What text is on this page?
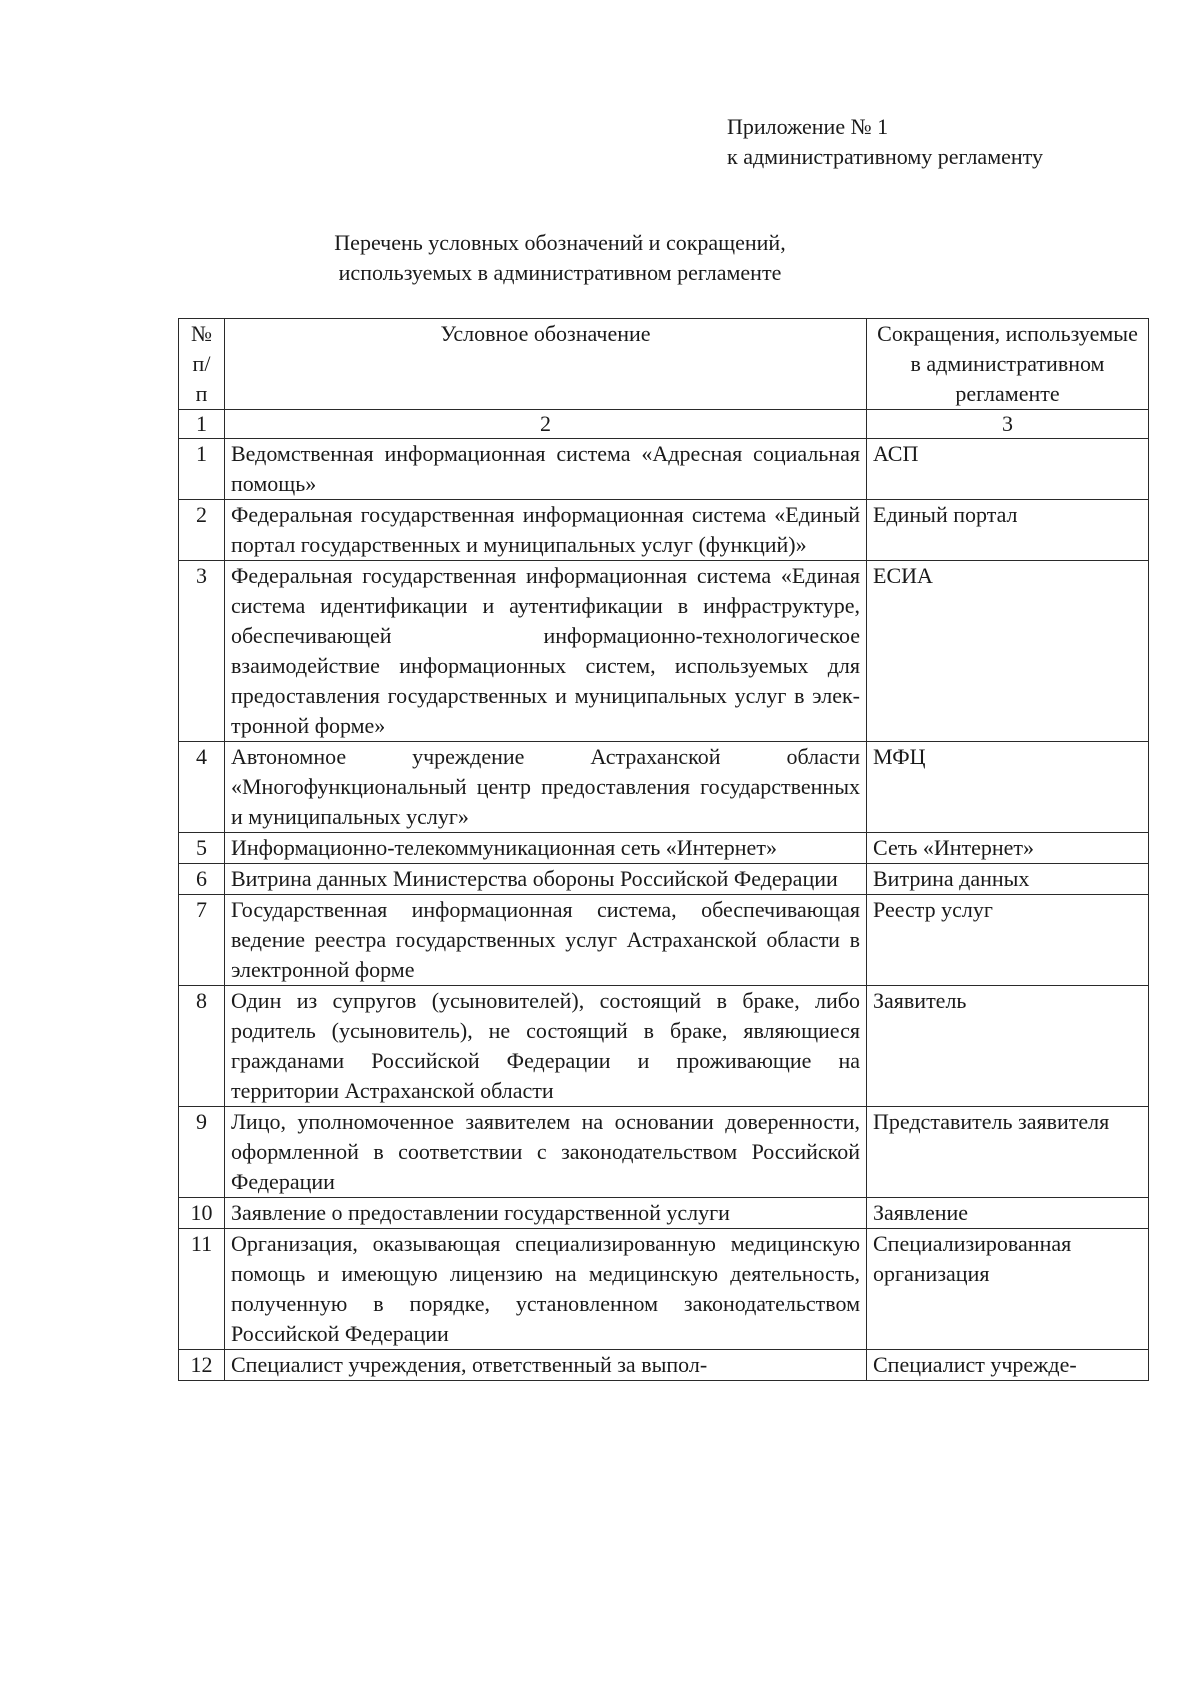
Приложение № 1
к административному регламенту
Перечень условных обозначений и сокращений,
используемых в административном регламенте
№ п/ п	Условное обозначение	Сокращения, используемые в административном регламенте
1	2	3
1	Ведомственная информационная система «Адресная социальная помощь»	АСП
2	Федеральная государственная информационная система «Единый портал государственных и муниципальных услуг (функций)»	Единый портал
3	Федеральная государственная информационная система «Единая система идентификации и аутентификации в инфраструктуре, обеспечивающей информационно-технологическое взаимодействие информационных систем, используемых для предоставления государственных и муниципальных услуг в электронной форме»	ЕСИА
4	Автономное учреждение Астраханской области «Многофункциональный центр предоставления государственных и муниципальных услуг»	МФЦ
5	Информационно-телекоммуникационная сеть «Интернет»	Сеть «Интернет»
6	Витрина данных Министерства обороны Российской Федерации	Витрина данных
7	Государственная информационная система, обеспечивающая ведение реестра государственных услуг Астраханской области в электронной форме	Реестр услуг
8	Один из супругов (усыновителей), состоящий в браке, либо родитель (усыновитель), не состоящий в браке, являющиеся гражданами Российской Федерации и проживающие на территории Астраханской области	Заявитель
9	Лицо, уполномоченное заявителем на основании доверенности, оформленной в соответствии с законодательством Российской Федерации	Представитель заявителя
10	Заявление о предоставлении государственной услуги	Заявление
11	Организация, оказывающая специализированную медицинскую помощь и имеющую лицензию на медицинскую деятельность, полученную в порядке, установленном законодательством Российской Федерации	Специализированная организация
12	Специалист учреждения, ответственный за выпол-	Специалист учрежде-
